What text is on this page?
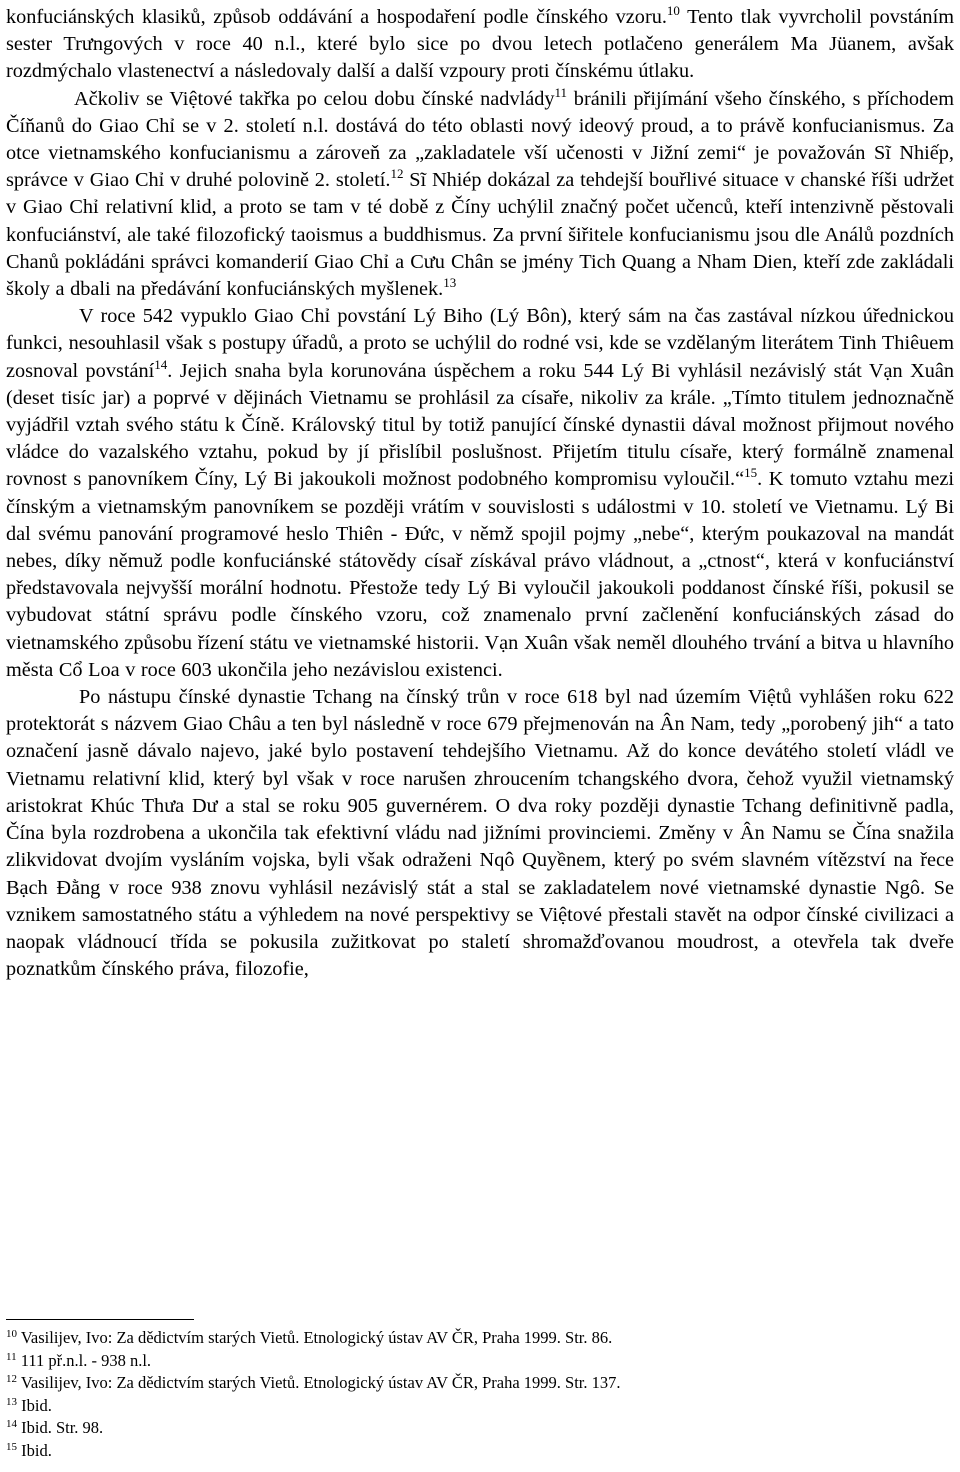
konfuciánských klasiků, způsob oddávání a hospodaření podle čínského vzoru.$^{10}$ Tento tlak vyvrcholil povstáním sester Trưngových v roce 40 n.l., které bylo sice po dvou letech potlačeno generálem Ma Jüanem, avšak rozdmýchalo vlastenectví a následovaly další a další vzpoury proti čínskému útlaku.

Ačkoliv se Việtové takřka po celou dobu čínské nadvlády$^{11}$ bránili přijímání všeho čínského, s příchodem Číňanů do Giao Chỉ se v 2. století n.l. dostává do této oblasti nový ideový proud, a to právě konfucianismus. Za otce vietnamského konfucianismu a zároveň za „zakladatele vší učenosti v Jižní zemi“ je považován Sĩ Nhiếp, správce v Giao Chỉ v druhé polovině 2. století.$^{12}$ Sĩ Nhiép dokázal za tehdejší bouřlivé situace v chanské říši udržet v Giao Chỉ relativní klid, a proto se tam v té době z Číny uchýlil značný počet učenců, kteří intenzivně pěstovali konfuciánství, ale také filozofický taoismus a buddhismus. Za první šiřitele konfucianismu jsou dle Análů pozdních Chanů pokládáni správci komanderií Giao Chỉ a Cưu Chân se jmény Tich Quang a Nham Dien, kteří zde zakládali školy a dbali na předávání konfuciánských myšlenek.$^{13}$

V roce 542 vypuklo Giao Chỉ povstání Lý Biho (Lý Bôn), který sám na čas zastával nízkou úřednickou funkci, nesouhlasil však s postupy úřadů, a proto se uchýlil do rodné vsi, kde se vzdělaným literátem Tinh Thiêuem zosnoval povstání$^{14}$. Jejich snaha byla korunována úspěchem a roku 544 Lý Bi vyhlásil nezávislý stát Vạn Xuân (deset tisíc jar) a poprvé v dějinách Vietnamu se prohlásil za císaře, nikoliv za krále. „Tímto titulem jednoznačně vyjádřil vztah svého státu k Číně. Královský titul by totiž panující čínské dynastii dával možnost přijmout nového vládce do vazalského vztahu, pokud by jí přislíbil poslušnost. Přijetím titulu císaře, který formálně znamenal rovnost s panovníkem Číny, Lý Bi jakoukoli možnost podobného kompromisu vyloučil.“$^{15}$. K tomuto vztahu mezi čínským a vietnamským panovníkem se později vrátím v souvislosti s událostmi v 10. století ve Vietnamu. Lý Bi dal svému panování programové heslo Thiên - Đức, v němž spojil pojmy „nebe“, kterým poukazoval na mandát nebes, díky němuž podle konfuciánské státovědy císař získával právo vládnout, a „ctnost“, která v konfuciánství představovala nejvyšší morální hodnotu. Přestože tedy Lý Bi vyloučil jakoukoli poddanost čínské říši, pokusil se vybudovat státní správu podle čínského vzoru, což znamenalo první začlenění konfuciánských zásad do vietnamského způsobu řízení státu ve vietnamské historii. Vạn Xuân však neměl dlouhého trvání a bitva u hlavního města Cổ Loa v roce 603 ukončila jeho nezávislou existenci.

Po nástupu čínské dynastie Tchang na čínský trůn v roce 618 byl nad územím Việtů vyhlášen roku 622 protektorát s názvem Giao Châu a ten byl následně v roce 679 přejmenován na Ân Nam, tedy „porobený jih“ a tato označení jasně dávalo najevo, jaké bylo postavení tehdejšího Vietnamu. Až do konce devátého století vládl ve Vietnamu relativní klid, který byl však v roce narušen zhroucením tchangského dvora, čehož využil vietnamský aristokrat Khúc Thưa Dư a stal se roku 905 guvernérem. O dva roky později dynastie Tchang definitivně padla, Čína byla rozdrobena a ukončila tak efektivní vládu nad jižními provinciemi. Změny v Ân Namu se Čína snažila zlikvidovat dvojím vysláním vojska, byli však odraženi Nqô Quyềnem, který po svém slavném vítězství na řece Bạch Đằng v roce 938 znovu vyhlásil nezávislý stát a stal se zakladatelem nové vietnamské dynastie Ngô. Se vznikem samostatného státu a výhledem na nové perspektivy se Việtové přestali stavět na odpor čínské civilizaci a naopak vládnoucí třída se pokusila zužitkovat po staletí shromažďovanou moudrost, a otevřela tak dveře poznatkům čínského práva, filozofie,

$^{10}$ Vasilijev, Ivo: Za dědictvím starých Vietů. Etnologický ústav AV ČR, Praha 1999. Str. 86.

$^{11}$ 111 př.n.l. - 938 n.l.

$^{12}$ Vasilijev, Ivo: Za dědictvím starých Vietů. Etnologický ústav AV ČR, Praha 1999. Str. 137.

$^{13}$ Ibid.

$^{14}$ Ibid. Str. 98.

$^{15}$ Ibid.
